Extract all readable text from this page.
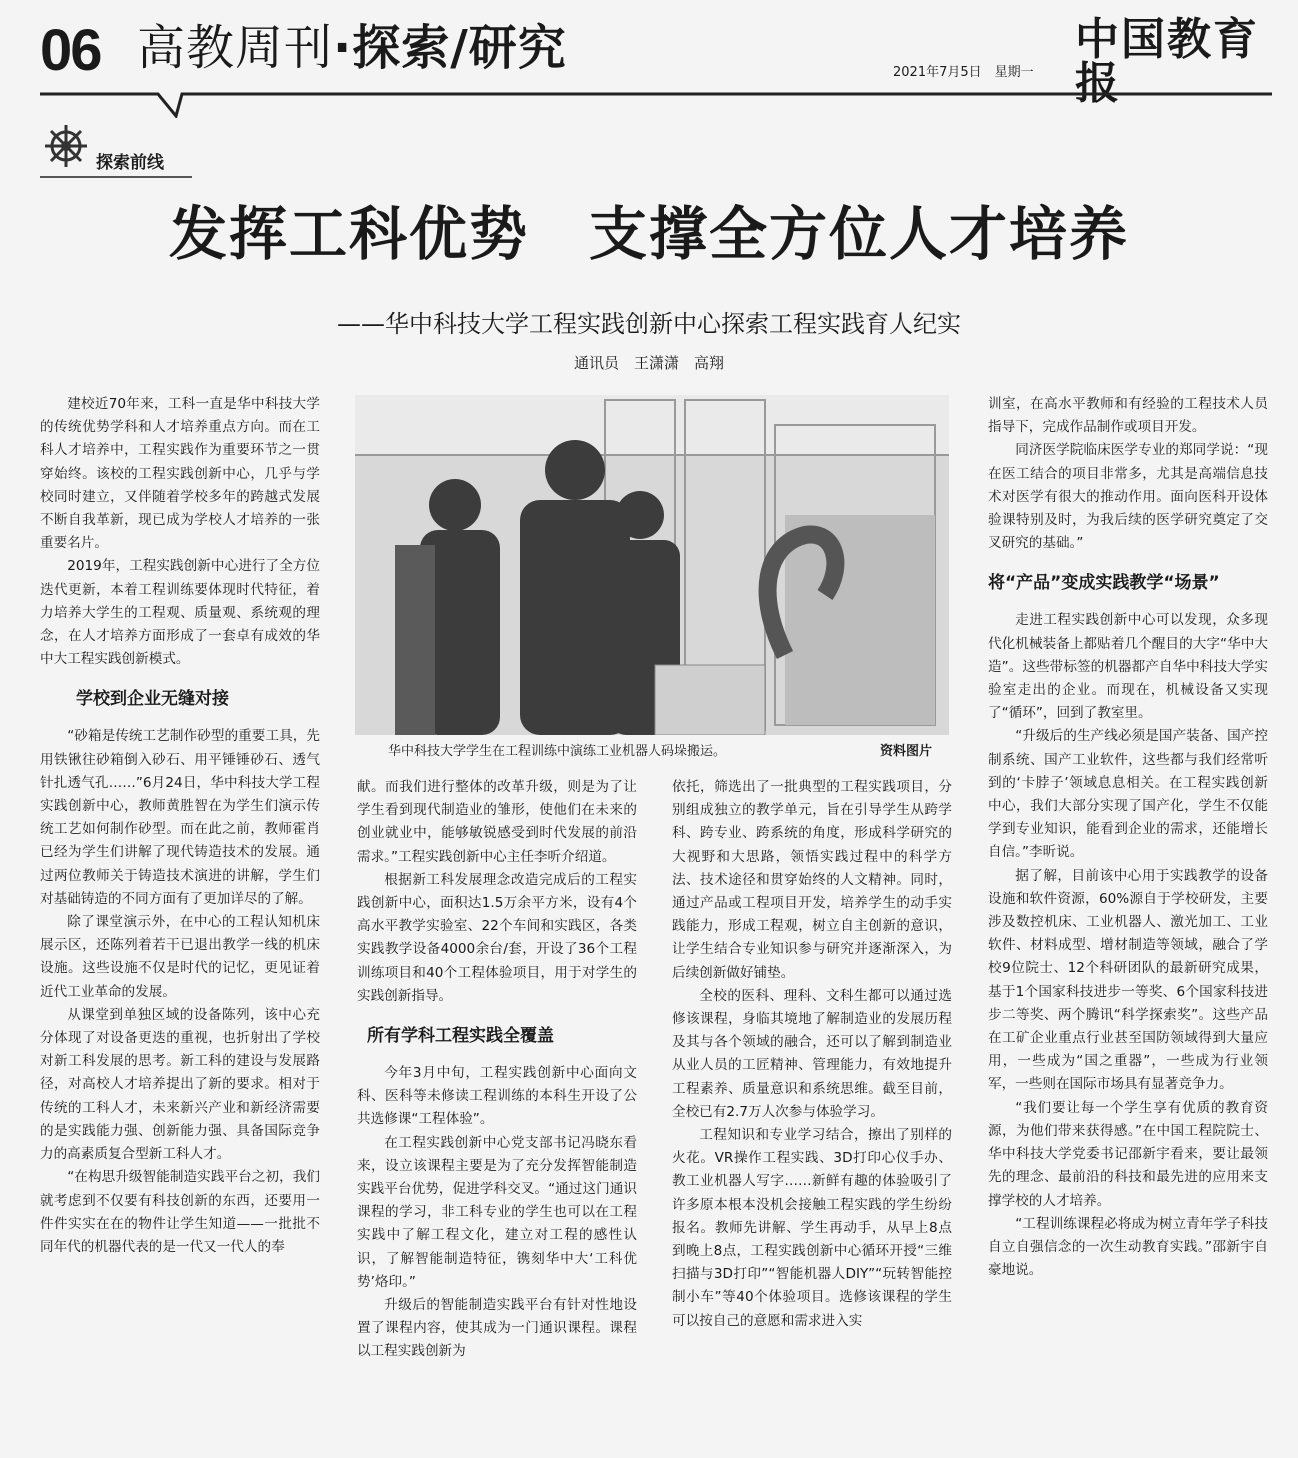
06 高教周刊·探索/研究	2021年7月5日　星期一
中国教育报
探索前线
发挥工科优势　支撑全方位人才培养
——华中科技大学工程实践创新中心探索工程实践育人纪实
通讯员　王潇潇　高翔

建校近70年来，工科一直是华中科技大学的传统优势学科和人才培养重点方向。而在工科人才培养中，工程实践作为重要环节之一贯穿始终。该校的工程实践创新中心，几乎与学校同时建立，又伴随着学校多年的跨越式发展不断自我革新，现已成为学校人才培养的一张重要名片。

2019年，工程实践创新中心进行了全方位迭代更新，本着工程训练要体现时代特征，着力培养大学生的工程观、质量观、系统观的理念，在人才培养方面形成了一套卓有成效的华中大工程实践创新模式。

学校到企业无缝对接

“砂箱是传统工艺制作砂型的重要工具，先用铁锹往砂箱倒入砂石、用平锤锤砂石、透气针扎透气孔……”6月24日，华中科技大学工程实践创新中心，教师黄胜智在为学生们演示传统工艺如何制作砂型。而在此之前，教师霍肖已经为学生们讲解了现代铸造技术的发展。通过两位教师关于铸造技术演进的讲解，学生们对基础铸造的不同方面有了更加详尽的了解。

除了课堂演示外，在中心的工程认知机床展示区，还陈列着若干已退出教学一线的机床设施。这些设施不仅是时代的记忆，更见证着近代工业革命的发展。

从课堂到单独区域的设备陈列，该中心充分体现了对设备更迭的重视，也折射出了学校对新工科发展的思考。新工科的建设与发展路径，对高校人才培养提出了新的要求。相对于传统的工科人才，未来新兴产业和新经济需要的是实践能力强、创新能力强、具备国际竞争力的高素质复合型新工科人才。

“在构思升级智能制造实践平台之初，我们就考虑到不仅要有科技创新的东西，还要用一件件实实在在的物件让学生知道——一批批不同年代的机器代表的是一代又一代人的奉

华中科技大学学生在工程训练中演练工业机器人码垛搬运。	资料图片

献。而我们进行整体的改革升级，则是为了让学生看到现代制造业的雏形，使他们在未来的创业就业中，能够敏锐感受到时代发展的前沿需求。”工程实践创新中心主任李听介绍道。

根据新工科发展理念改造完成后的工程实践创新中心，面积达1.5万余平方米，设有4个高水平教学实验室、22个车间和实践区，各类实践教学设备4000余台/套，开设了36个工程训练项目和40个工程体验项目，用于对学生的实践创新指导。

所有学科工程实践全覆盖

今年3月中旬，工程实践创新中心面向文科、医科等未修读工程训练的本科生开设了公共选修课“工程体验”。

在工程实践创新中心党支部书记冯晓东看来，设立该课程主要是为了充分发挥智能制造实践平台优势，促进学科交叉。“通过这门通识课程的学习，非工科专业的学生也可以在工程实践中了解工程文化，建立对工程的感性认识，了解智能制造特征，镌刻华中大‘工科优势’烙印。”

升级后的智能制造实践平台有针对性地设置了课程内容，使其成为一门通识课程。课程以工程实践创新为

依托，筛选出了一批典型的工程实践项目，分别组成独立的教学单元，旨在引导学生从跨学科、跨专业、跨系统的角度，形成科学研究的大视野和大思路，领悟实践过程中的科学方法、技术途径和贯穿始终的人文精神。同时，通过产品或工程项目开发，培养学生的动手实践能力，形成工程观，树立自主创新的意识，让学生结合专业知识参与研究并逐渐深入，为后续创新做好铺垫。

全校的医科、理科、文科生都可以通过选修该课程，身临其境地了解制造业的发展历程及其与各个领域的融合，还可以了解到制造业从业人员的工匠精神、管理能力，有效地提升工程素养、质量意识和系统思维。截至目前，全校已有2.7万人次参与体验学习。

工程知识和专业学习结合，擦出了别样的火花。VR操作工程实践、3D打印心仪手办、教工业机器人写字……新鲜有趣的体验吸引了许多原本根本没机会接触工程实践的学生纷纷报名。教师先讲解、学生再动手，从早上8点到晚上8点，工程实践创新中心循环开授“三维扫描与3D打印”“智能机器人DIY”“玩转智能控制小车”等40个体验项目。选修该课程的学生可以按自己的意愿和需求进入实

训室，在高水平教师和有经验的工程技术人员指导下，完成作品制作或项目开发。

同济医学院临床医学专业的郑同学说：“现在医工结合的项目非常多，尤其是高端信息技术对医学有很大的推动作用。面向医科开设体验课特别及时，为我后续的医学研究奠定了交叉研究的基础。”

将“产品”变成实践教学“场景”

走进工程实践创新中心可以发现，众多现代化机械装备上都贴着几个醒目的大字“华中大造”。这些带标签的机器都产自华中科技大学实验室走出的企业。而现在，机械设备又实现了“循环”，回到了教室里。

“升级后的生产线必须是国产装备、国产控制系统、国产工业软件，这些都与我们经常听到的‘卡脖子’领域息息相关。在工程实践创新中心，我们大部分实现了国产化，学生不仅能学到专业知识，能看到企业的需求，还能增长自信。”李昕说。

据了解，目前该中心用于实践教学的设备设施和软件资源，60%源自于学校研发，主要涉及数控机床、工业机器人、激光加工、工业软件、材料成型、增材制造等领域，融合了学校9位院士、12个科研团队的最新研究成果，基于1个国家科技进步一等奖、6个国家科技进步二等奖、两个腾讯“科学探索奖”。这些产品在工矿企业重点行业甚至国防领域得到大量应用，一些成为“国之重器”，一些成为行业领军，一些则在国际市场具有显著竞争力。

“我们要让每一个学生享有优质的教育资源，为他们带来获得感。”在中国工程院院士、华中科技大学党委书记邵新宇看来，要让最领先的理念、最前沿的科技和最先进的应用来支撑学校的人才培养。

“工程训练课程必将成为树立青年学子科技自立自强信念的一次生动教育实践。”邵新宇自豪地说。
